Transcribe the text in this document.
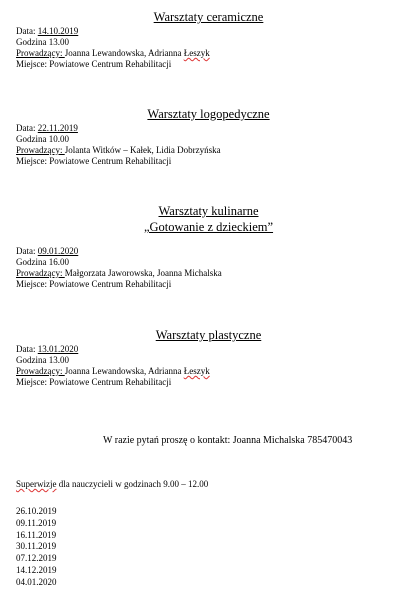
Warsztaty ceramiczne
Data: 14.10.2019
Godzina 13.00
Prowadzący: Joanna Lewandowska, Adrianna Łeszyk
Miejsce: Powiatowe Centrum Rehabilitacji
Warsztaty logopedyczne
Data: 22.11.2019
Godzina 10.00
Prowadzący: Jolanta Witków – Kałek, Lidia Dobrzyńska
Miejsce: Powiatowe Centrum Rehabilitacji
Warsztaty kulinarne
„Gotowanie z dzieckiem”
Data: 09.01.2020
Godzina 16.00
Prowadzący: Małgorzata Jaworowska, Joanna Michalska
Miejsce: Powiatowe Centrum Rehabilitacji
Warsztaty plastyczne
Data: 13.01.2020
Godzina 13.00
Prowadzący: Joanna Lewandowska, Adrianna Łeszyk
Miejsce: Powiatowe Centrum Rehabilitacji
W razie pytań proszę o kontakt: Joanna Michalska 785470043
Superwizje dla nauczycieli w godzinach 9.00 – 12.00
26.10.2019
09.11.2019
16.11.2019
30.11.2019
07.12.2019
14.12.2019
04.01.2020
